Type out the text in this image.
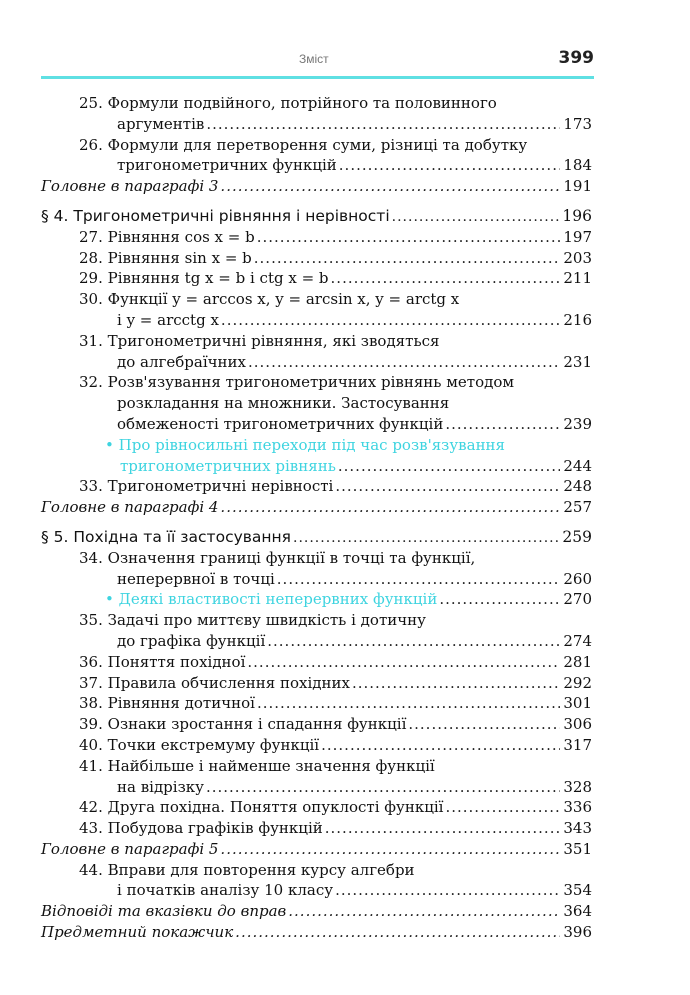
Зміст	399
25. Формули подвійного, потрійного та половинного
аргументів .....	173
26. Формули для перетворення суми, різниці та добутку
тригонометричних функцій .....	184
Головне в параграфі 3 .....	191
§ 4. Тригонометричні рівняння і нерівності .....	196
27. Рівняння cos x = b .....	197
28. Рівняння sin x = b .....	203
29. Рівняння tg x = b і ctg x = b .....	211
30. Функції y = arccos x, y = arcsin x, y = arctg x
і y = arcctg x .....	216
31. Тригонометричні рівняння, які зводяться
до алгебраїчних .....	231
32. Розв'язування тригонометричних рівнянь методом
розкладання на множники. Застосування
обмеженості тригонометричних функцій .....	239
• Про рівносильні переходи під час розв'язування
тригонометричних рівнянь .....	244
33. Тригонометричні нерівності .....	248
Головне в параграфі 4 .....	257
§ 5. Похідна та її застосування .....	259
34. Означення границі функції в точці та функції,
неперервної в точці .....	260
• Деякі властивості неперервних функцій .....	270
35. Задачі про миттєву швидкість і дотичну
до графіка функції .....	274
36. Поняття похідної .....	281
37. Правила обчислення похідних .....	292
38. Рівняння дотичної .....	301
39. Ознаки зростання і спадання функції .....	306
40. Точки екстремуму функції .....	317
41. Найбільше і найменше значення функції
на відрізку .....	328
42. Друга похідна. Поняття опуклості функції .....	336
43. Побудова графіків функцій .....	343
Головне в параграфі 5 .....	351
44. Вправи для повторення курсу алгебри
і початків аналізу 10 класу .....	354
Відповіді та вказівки до вправ .....	364
Предметний покажчик .....	396
